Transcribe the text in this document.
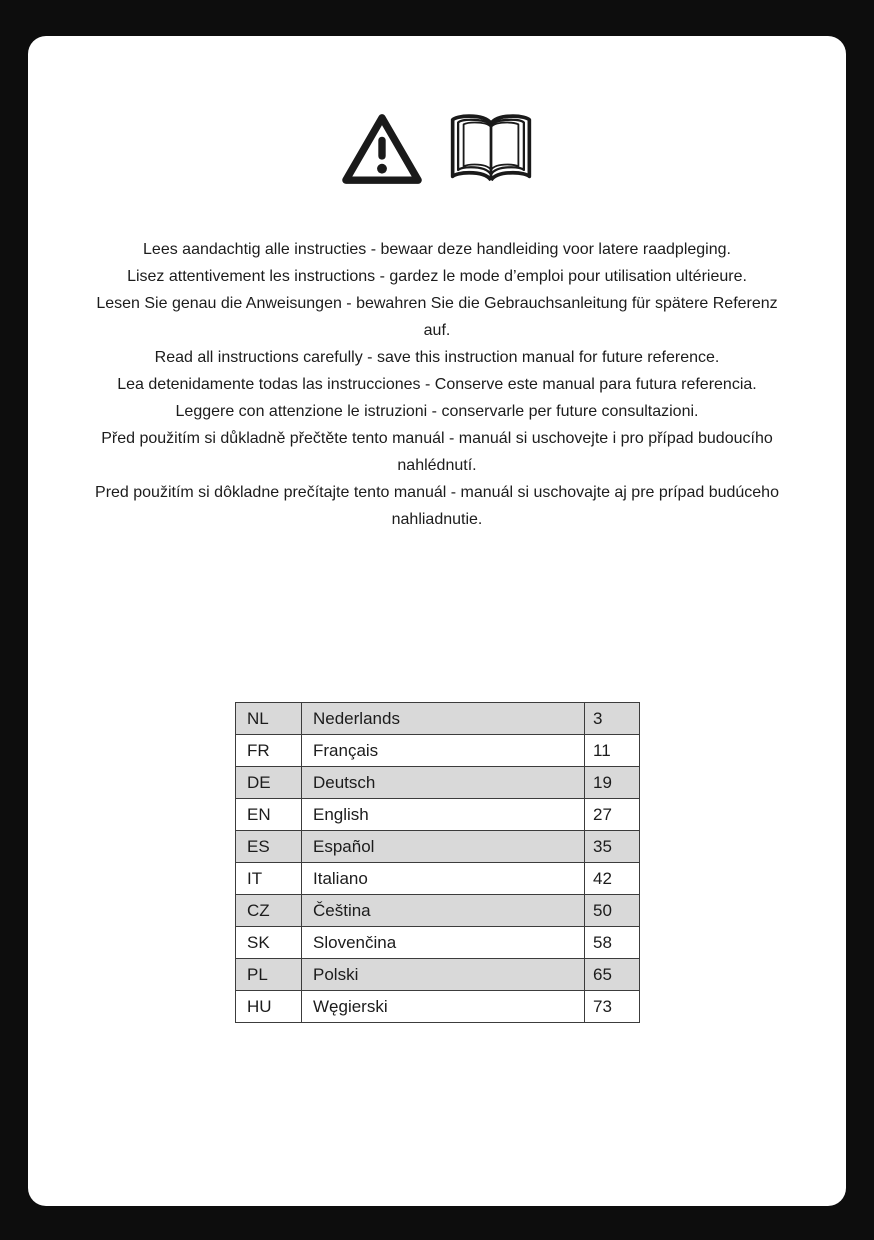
Lees aandachtig alle instructies - bewaar deze handleiding voor latere raadpleging.
Lisez attentivement les instructions - gardez le mode d’emploi pour utilisation ultérieure.
Lesen Sie genau die Anweisungen - bewahren Sie die Gebrauchsanleitung für spätere Referenz auf.
Read all instructions carefully - save this instruction manual for future reference.
Lea detenidamente todas las instrucciones - Conserve este manual para futura referencia.
Leggere con attenzione le istruzioni - conservarle per future consultazioni.
Před použitím si důkladně přečtěte tento manuál - manuál si uschovejte i pro případ budoucího nahlédnutí.
Pred použitím si dôkladne prečítajte tento manuál - manuál si uschovajte aj pre prípad budúceho nahliadnutie.
NL	Nederlands	3
FR	Français	11
DE	Deutsch	19
EN	English	27
ES	Español	35
IT	Italiano	42
CZ	Čeština	50
SK	Slovenčina	58
PL	Polski	65
HU	Węgierski	73
